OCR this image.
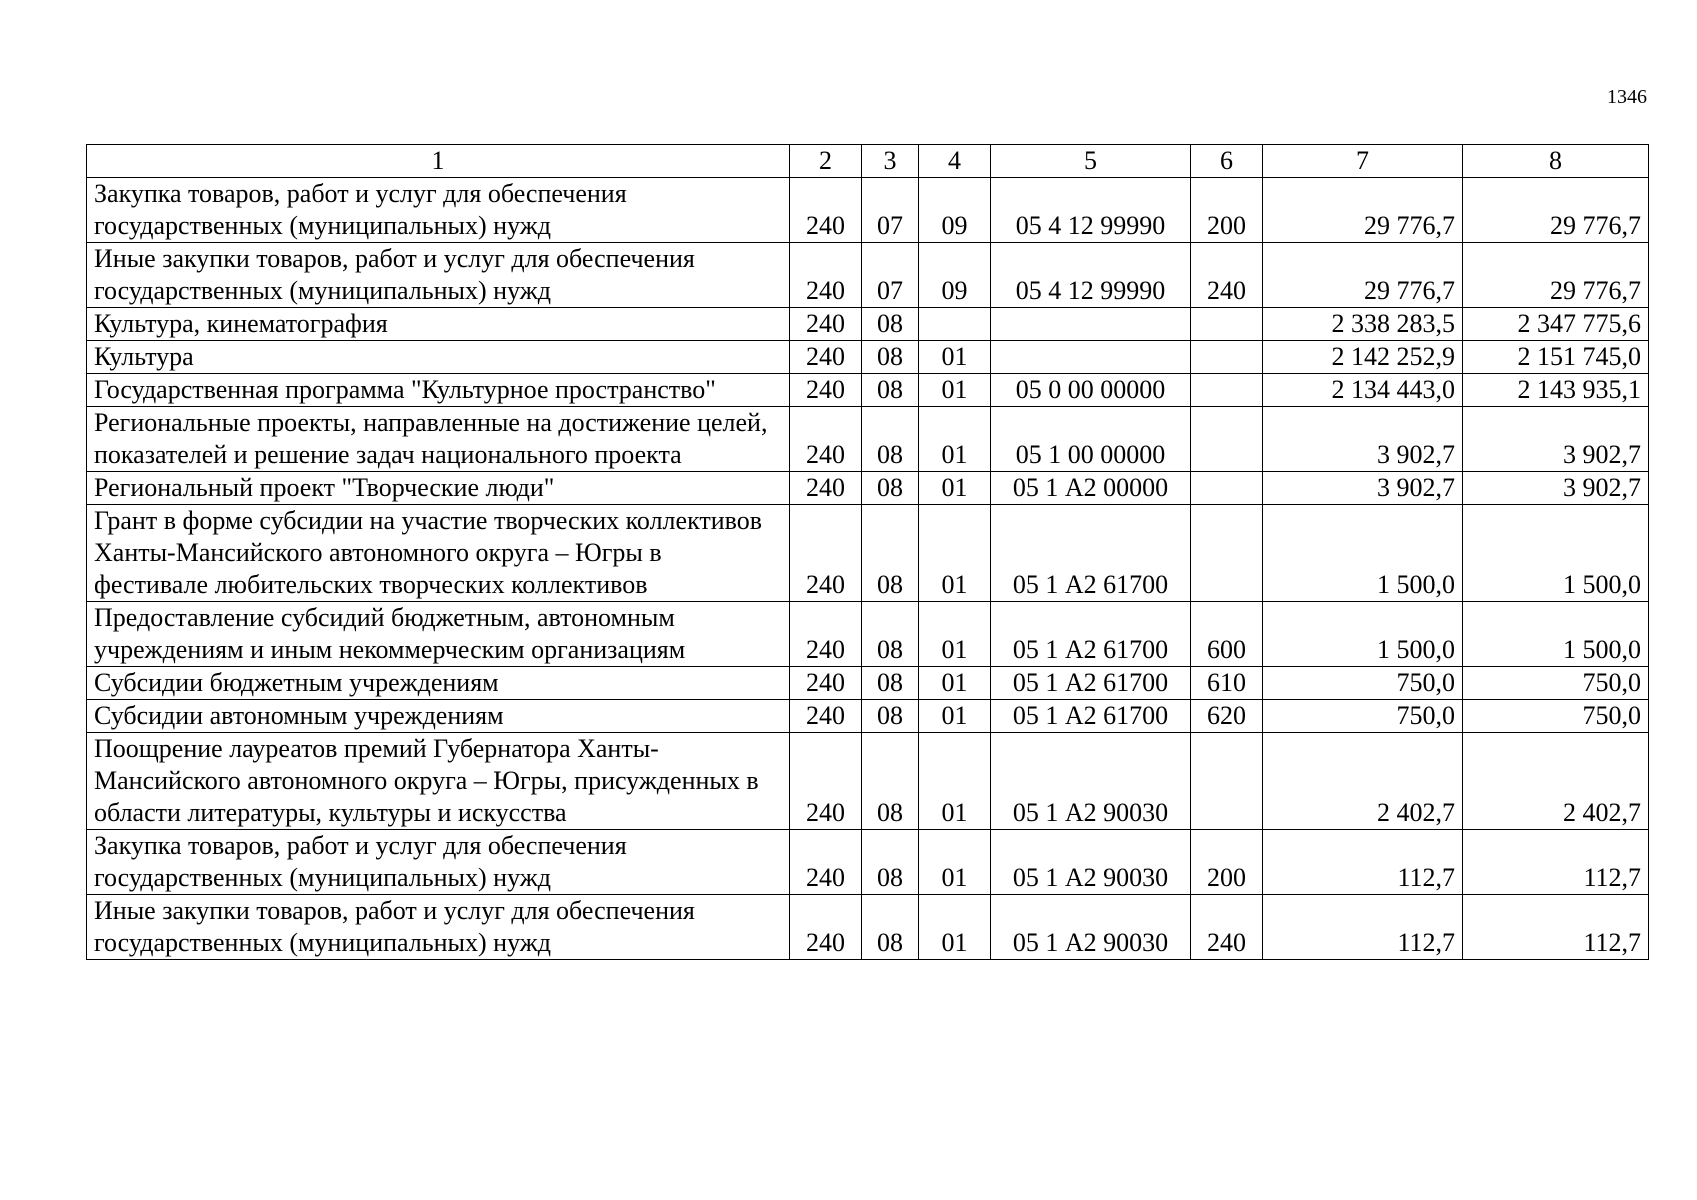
1346
1	2	3	4	5	6	7	8
Закупка товаров, работ и услуг для обеспечения государственных (муниципальных) нужд	240	07	09	05 4 12 99990	200	29 776,7	29 776,7
Иные закупки товаров, работ и услуг для обеспечения государственных (муниципальных) нужд	240	07	09	05 4 12 99990	240	29 776,7	29 776,7
Культура, кинематография	240	08				2 338 283,5	2 347 775,6
Культура	240	08	01			2 142 252,9	2 151 745,0
Государственная программа "Культурное пространство"	240	08	01	05 0 00 00000		2 134 443,0	2 143 935,1
Региональные проекты, направленные на достижение целей, показателей и решение задач национального проекта	240	08	01	05 1 00 00000		3 902,7	3 902,7
Региональный проект "Творческие люди"	240	08	01	05 1 А2 00000		3 902,7	3 902,7
Грант в форме субсидии на участие творческих коллективов Ханты-Мансийского автономного округа – Югры в фестивале любительских творческих коллективов	240	08	01	05 1 А2 61700		1 500,0	1 500,0
Предоставление субсидий бюджетным, автономным учреждениям и иным некоммерческим организациям	240	08	01	05 1 А2 61700	600	1 500,0	1 500,0
Субсидии бюджетным учреждениям	240	08	01	05 1 А2 61700	610	750,0	750,0
Субсидии автономным учреждениям	240	08	01	05 1 А2 61700	620	750,0	750,0
Поощрение лауреатов премий Губернатора Ханты-Мансийского автономного округа – Югры, присужденных в области литературы, культуры и искусства	240	08	01	05 1 А2 90030		2 402,7	2 402,7
Закупка товаров, работ и услуг для обеспечения государственных (муниципальных) нужд	240	08	01	05 1 А2 90030	200	112,7	112,7
Иные закупки товаров, работ и услуг для обеспечения государственных (муниципальных) нужд	240	08	01	05 1 А2 90030	240	112,7	112,7
